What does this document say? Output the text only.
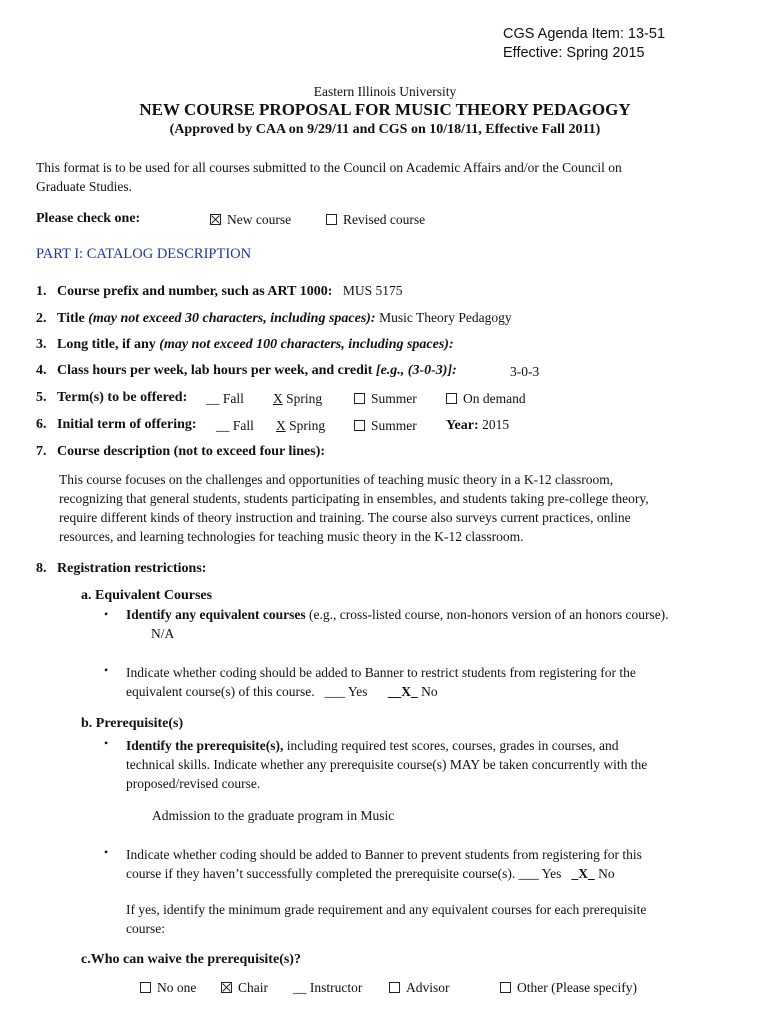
CGS Agenda Item: 13-51
Effective: Spring 2015
Eastern Illinois University
NEW COURSE PROPOSAL FOR MUSIC THEORY PEDAGOGY
(Approved by CAA on 9/29/11 and CGS on 10/18/11, Effective Fall 2011)
This format is to be used for all courses submitted to the Council on Academic Affairs and/or the Council on
Graduate Studies.
Please check one:	New course	Revised course
PART I: CATALOG DESCRIPTION
1. Course prefix and number, such as ART 1000: MUS 5175
2. Title (may not exceed 30 characters, including spaces): Music Theory Pedagogy
3. Long title, if any (may not exceed 100 characters, including spaces):
4. Class hours per week, lab hours per week, and credit [e.g., (3-0-3)]:	3-0-3
5. Term(s) to be offered: __ Fall X Spring	Summer	On demand
6. Initial term of offering: __ Fall X Spring	Summer Year: 2015
7. Course description (not to exceed four lines):
This course focuses on the challenges and opportunities of teaching music theory in a K-12 classroom,
recognizing that general students, students participating in ensembles, and students taking pre-college theory,
require different kinds of theory instruction and training. The course also surveys current practices, online
resources, and learning technologies for teaching music theory in the K-12 classroom.
8. Registration restrictions:
a. Equivalent Courses
• Identify any equivalent courses (e.g., cross-listed course, non-honors version of an honors course).
N/A
• Indicate whether coding should be added to Banner to restrict students from registering for the
equivalent course(s) of this course. ___ Yes __X_ No
b. Prerequisite(s)
• Identify the prerequisite(s), including required test scores, courses, grades in courses, and
technical skills. Indicate whether any prerequisite course(s) MAY be taken concurrently with the
proposed/revised course.
Admission to the graduate program in Music
• Indicate whether coding should be added to Banner to prevent students from registering for this
course if they haven’t successfully completed the prerequisite course(s). ___ Yes _X_ No
If yes, identify the minimum grade requirement and any equivalent courses for each prerequisite
course:
c.Who can waive the prerequisite(s)?
No one	Chair __ Instructor	Advisor	Other (Please specify)
